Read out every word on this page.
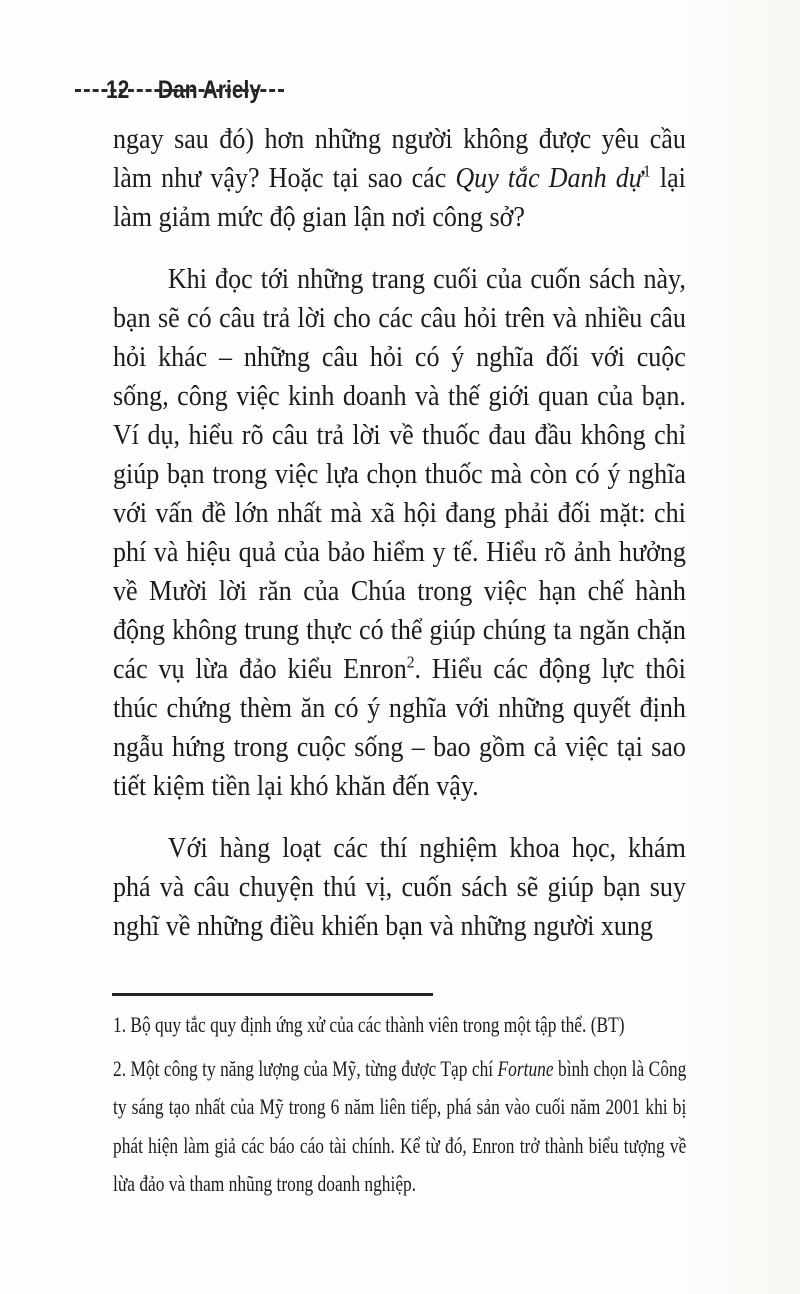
12 Dan Ariely

ngay sau đó) hơn những người không được yêu cầu làm như vậy? Hoặc tại sao các Quy tắc Danh dự$^1$ lại làm giảm mức độ gian lận nơi công sở?

Khi đọc tới những trang cuối của cuốn sách này, bạn sẽ có câu trả lời cho các câu hỏi trên và nhiều câu hỏi khác – những câu hỏi có ý nghĩa đối với cuộc sống, công việc kinh doanh và thế giới quan của bạn. Ví dụ, hiểu rõ câu trả lời về thuốc đau đầu không chỉ giúp bạn trong việc lựa chọn thuốc mà còn có ý nghĩa với vấn đề lớn nhất mà xã hội đang phải đối mặt: chi phí và hiệu quả của bảo hiểm y tế. Hiểu rõ ảnh hưởng về Mười lời răn của Chúa trong việc hạn chế hành động không trung thực có thể giúp chúng ta ngăn chặn các vụ lừa đảo kiểu Enron$^2$. Hiểu các động lực thôi thúc chứng thèm ăn có ý nghĩa với những quyết định ngẫu hứng trong cuộc sống – bao gồm cả việc tại sao tiết kiệm tiền lại khó khăn đến vậy.

Với hàng loạt các thí nghiệm khoa học, khám phá và câu chuyện thú vị, cuốn sách sẽ giúp bạn suy nghĩ về những điều khiến bạn và những người xung

1. Bộ quy tắc quy định ứng xử của các thành viên trong một tập thể. (BT)

2. Một công ty năng lượng của Mỹ, từng được Tạp chí Fortune bình chọn là Công ty sáng tạo nhất của Mỹ trong 6 năm liên tiếp, phá sản vào cuối năm 2001 khi bị phát hiện làm giả các báo cáo tài chính. Kể từ đó, Enron trở thành biểu tượng về lừa đảo và tham nhũng trong doanh nghiệp.
